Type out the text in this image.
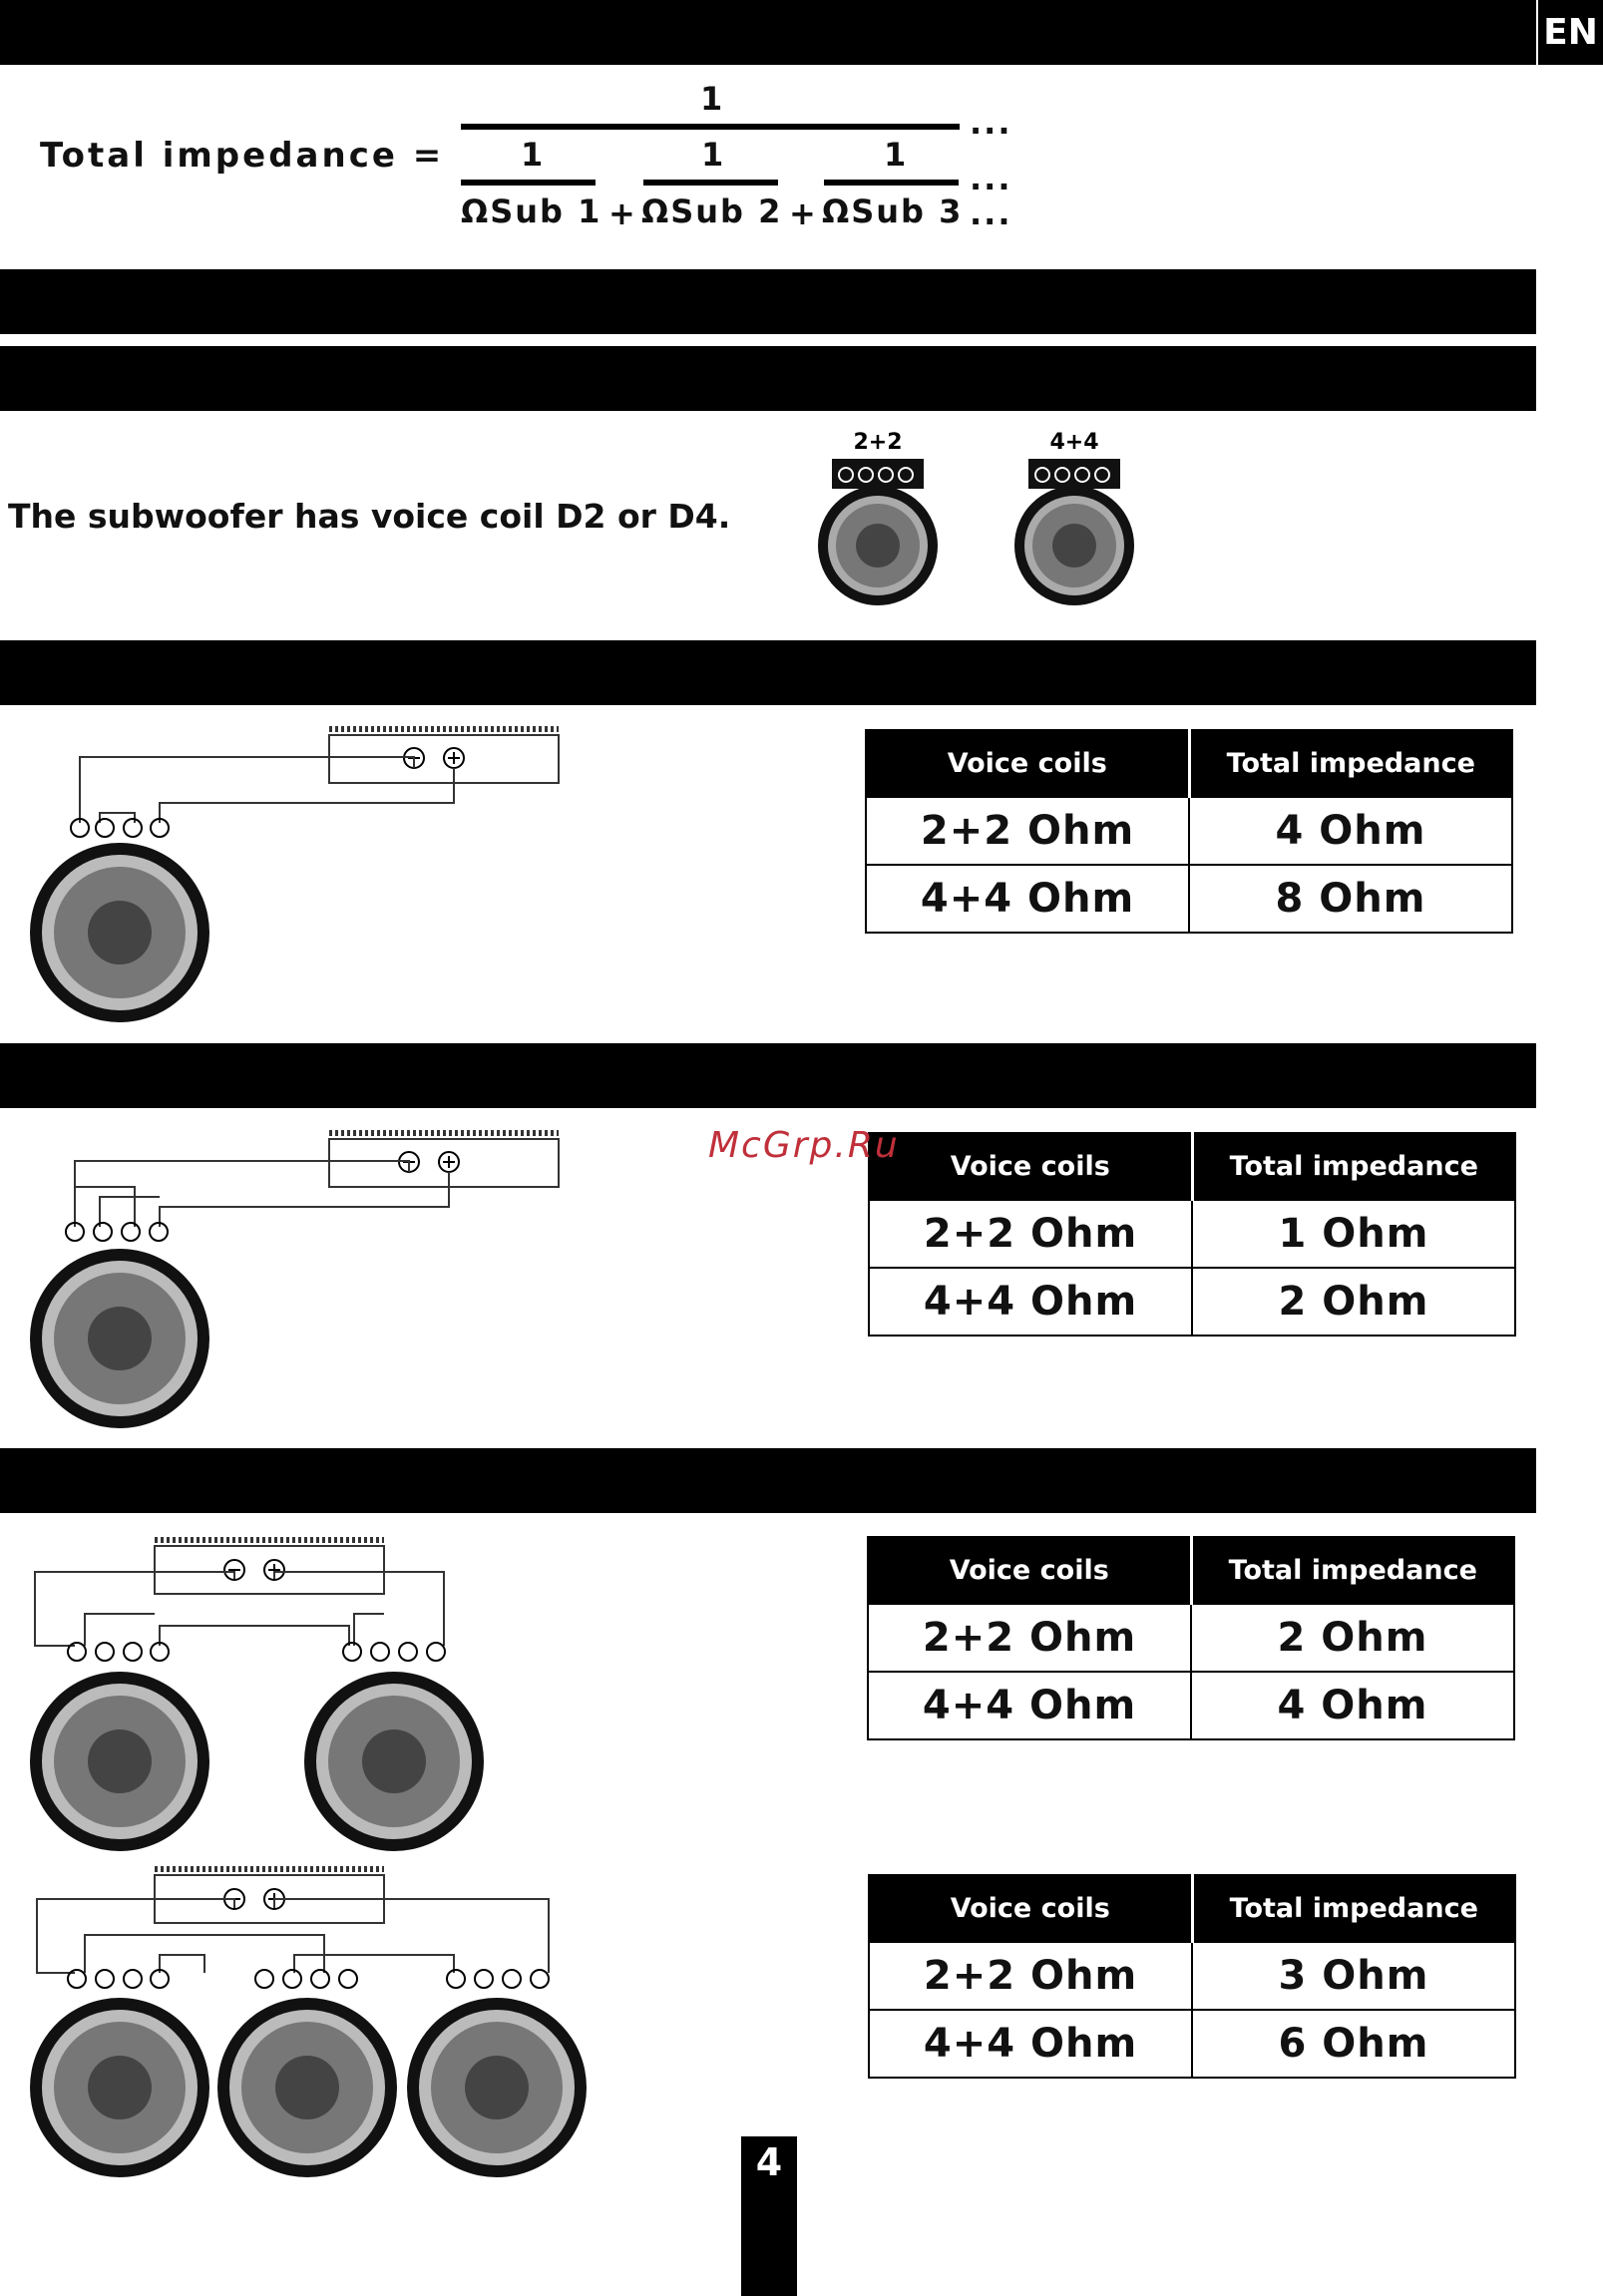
EN
Total impedance =
1
...
1	1	1
...
ΩSub 1 + ΩSub 2 + ΩSub 3 ...
The subwoofer has voice coil D2 or D4.
2+2	4+4
Voice coils	Total impedance
2+2 Ohm	4 Ohm
4+4 Ohm	8 Ohm
Voice coils	Total impedance
2+2 Ohm	1 Ohm
4+4 Ohm	2 Ohm
Voice coils	Total impedance
2+2 Ohm	2 Ohm
4+4 Ohm	4 Ohm
Voice coils	Total impedance
2+2 Ohm	3 Ohm
4+4 Ohm	6 Ohm
McGrp.Ru
4
